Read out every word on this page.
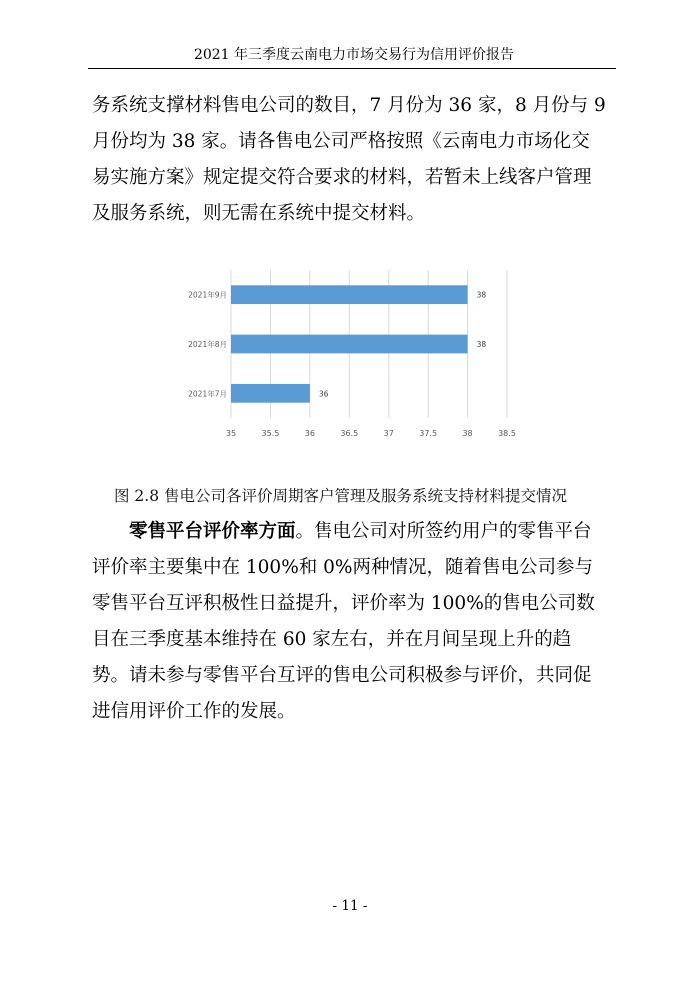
2021 年三季度云南电力市场交易行为信用评价报告
务系统支撑材料售电公司的数目，7 月份为 36 家，8 月份与 9 月份均为 38 家。请各售电公司严格按照《云南电力市场化交易实施方案》规定提交符合要求的材料，若暂未上线客户管理及服务系统，则无需在系统中提交材料。
35	35.5	36	36.5	37	37.5	38	38.5
2021年9月	38
2021年8月	38
2021年7月	36
图 2.8 售电公司各评价周期客户管理及服务系统支持材料提交情况
零售平台评价率方面。售电公司对所签约用户的零售平台评价率主要集中在 100%和 0%两种情况，随着售电公司参与零售平台互评积极性日益提升，评价率为 100%的售电公司数目在三季度基本维持在 60 家左右，并在月间呈现上升的趋势。请未参与零售平台互评的售电公司积极参与评价，共同促进信用评价工作的发展。
- 11 -
